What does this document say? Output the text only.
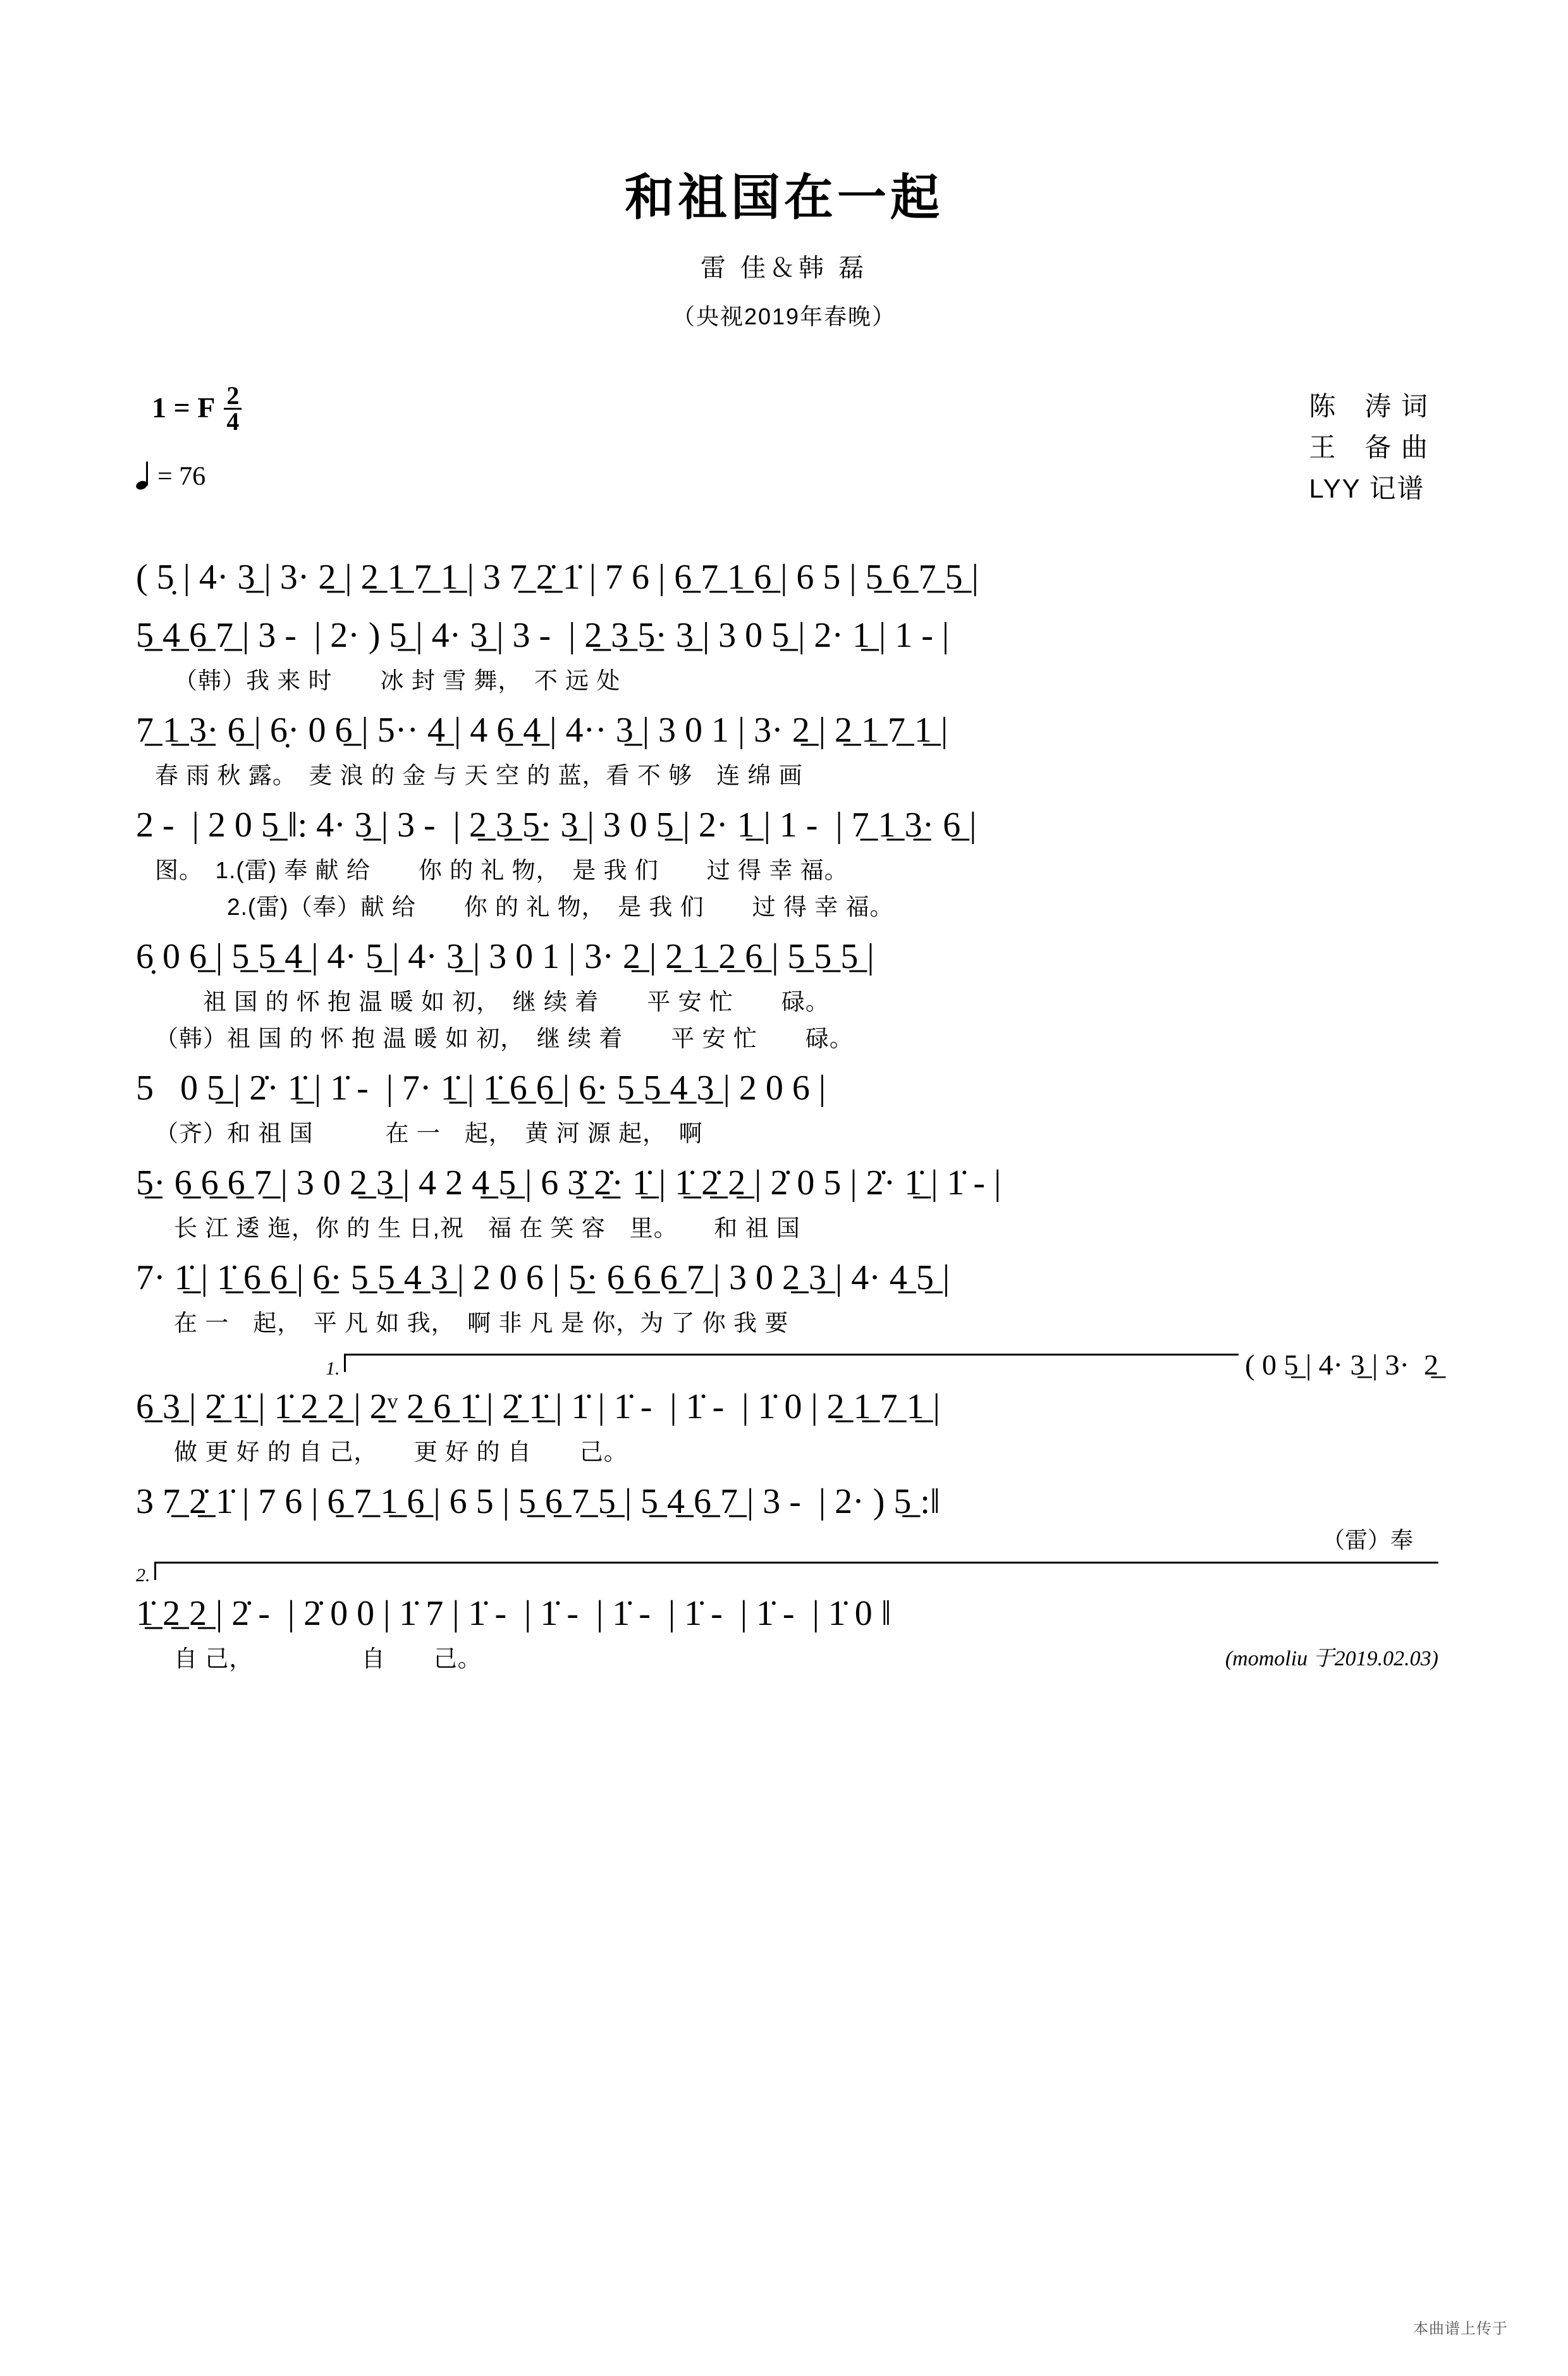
和祖国在一起
雷 佳＆韩 磊
（央视2019年春晚）
1 = F $\frac{2}{4}$
= 76
陈　涛 词
王　备 曲
LYY 记谱
( 5̣ | 4· 3̲ | 3· 2̲ | 2̲ 1̲ 7̲ 1̲ | 3 7̲ 2̲̇ 1̇ | 7 6 | 6̲ 7̲ 1̲ 6̲ | 6 5 | 5̲ 6̲ 7̲ 5̲ |
5̲ 4̲ 6̲ 7̲ | 3 -  | 2· ) 5̲ | 4· 3̲ | 3 -  | 2̲ 3̲ 5̲· 3̲ | 3 0 5̲ | 2· 1̲ | 1 - |
（韩）我 来 时　　冰 封 雪 舞，　不 远 处
7̲ 1̲ 3̲· 6̲ | 6̣· 0 6̲ | 5·· 4̲ | 4 6̲ 4̲ | 4·· 3̲ | 3 0 1 | 3· 2̲ | 2̲ 1̲ 7̲ 1̲ |
春 雨 秋 露。　麦 浪 的 金 与 天 空 的 蓝，看 不 够　连 绵 画
2 -  | 2 0 5̲ ‖: 4· 3̲ | 3 -  | 2̲ 3̲ 5̲· 3̲ | 3 0 5̲ | 2· 1̲ | 1 -  | 7̲ 1̲ 3̲· 6̲ |
图。　1.(雷) 奉 献 给　　你 的 礼 物，　是 我 们　　过 得 幸 福。
　　　2.(雷)（奉）献 给　　你 的 礼 物，　是 我 们　　过 得 幸 福。
6̣ 0 6̲ | 5̲ 5̲ 4̲ | 4· 5̲ | 4· 3̲ | 3 0 1 | 3· 2̲ | 2̲ 1̲ 2̲ 6̲ | 5̲ 5̲ 5̲ |
　　祖 国 的 怀 抱 温 暖 如 初，　继 续 着　　平 安 忙　　碌。
（韩）祖 国 的 怀 抱 温 暖 如 初，　继 续 着　　平 安 忙　　碌。
5   0 5̲ | 2̇· 1̲̇ | 1̇ -  | 7· 1̲̇ | 1̲̇ 6̲ 6̲ | 6̲· 5̲ 5̲ 4̲ 3̲ | 2 0 6 |
（齐）和 祖 国　　　在 一　起，　黄 河 源 起，　啊
5̲· 6̲ 6̲ 6̲ 7̲ | 3 0 2̲ 3̲ | 4 2 4̲ 5̲ | 6 3̲̇ 2̲̇· 1̲̇ | 1̲̇ 2̲̇ 2̲ | 2̇ 0 5 | 2̇· 1̲̇ | 1̇ - |
长 江 逶 迤，你 的 生 日,祝　福 在 笑 容　里。　　和 祖 国
7· 1̲̇ | 1̲̇ 6̲ 6̲ | 6̲· 5̲ 5̲ 4̲ 3̲ | 2 0 6 | 5̲· 6̲ 6̲ 6̲ 7̲ | 3 0 2̲ 3̲ | 4· 4̲ 5̲ |
在 一　起，　平 凡 如 我，　啊 非 凡 是 你，为 了 你 我 要
1.	( 0 5̲ | 4· 3̲ | 3·  2̲
6̲ 3̲ | 2̲̇ 1̲̇ | 1̲̇ 2̲ 2̲ | 2̲ᵛ 2̲ 6̲ 1̲̇ | 2̲̇ 1̲̇ | 1̇ | 1̇ -  | 1̇ -  | 1̇ 0 | 2̲ 1̲ 7̲ 1̲ |
做 更 好 的 自 己，　　更 好 的 自　　己。
3 7̲ 2̲̇ 1̇ | 7 6 | 6̲ 7̲ 1̲ 6̲ | 6 5 | 5̲ 6̲ 7̲ 5̲ | 5̲ 4̲ 6̲ 7̲ | 3 -  | 2· ) 5̲ :‖
（雷）奉
2.
1̲̇ 2̲ 2̲ | 2̇ -  | 2̇ 0 0 | 1̇ 7 | 1̇ -  | 1̇ -  | 1̇ -  | 1̇ -  | 1̇ -  | 1̇ 0 ‖
自 己，　　　　　自　　己。	(momoliu 于2019.02.03)
本曲谱上传于
